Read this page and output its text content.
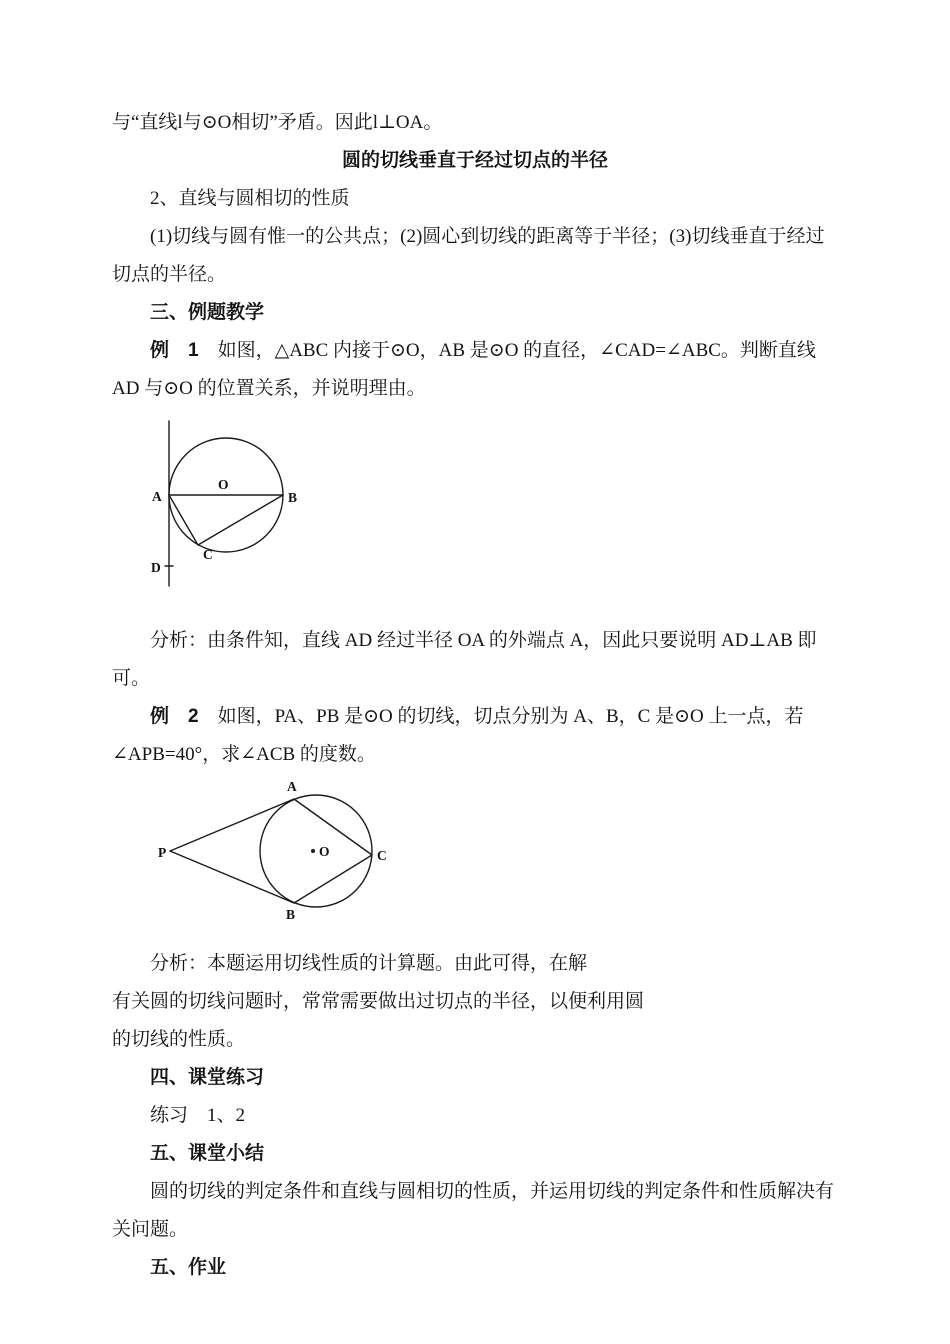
与“直线l与⊙O相切”矛盾。因此l⊥OA。

圆的切线垂直于经过切点的半径

2、直线与圆相切的性质

(1)切线与圆有惟一的公共点；(2)圆心到切线的距离等于半径；(3)切线垂直于经过切点的半径。

三、例题教学

例　1　如图，△ABC 内接于⊙O，AB 是⊙O 的直径，∠CAD=∠ABC。判断直线 AD 与⊙O 的位置关系，并说明理由。

A
O
B
C
D

分析：由条件知，直线 AD 经过半径 OA 的外端点 A，因此只要说明 AD⊥AB 即可。

例　2　如图，PA、PB 是⊙O 的切线，切点分别为 A、B，C 是⊙O 上一点，若∠APB=40°，求∠ACB 的度数。

P
A
B
C
O

分析：本题运用切线性质的计算题。由此可得，在解

有关圆的切线问题时，常常需要做出过切点的半径，以便利用圆

的切线的性质。

四、课堂练习

练习　1、2

五、课堂小结

圆的切线的判定条件和直线与圆相切的性质，并运用切线的判定条件和性质解决有关问题。

五、作业
